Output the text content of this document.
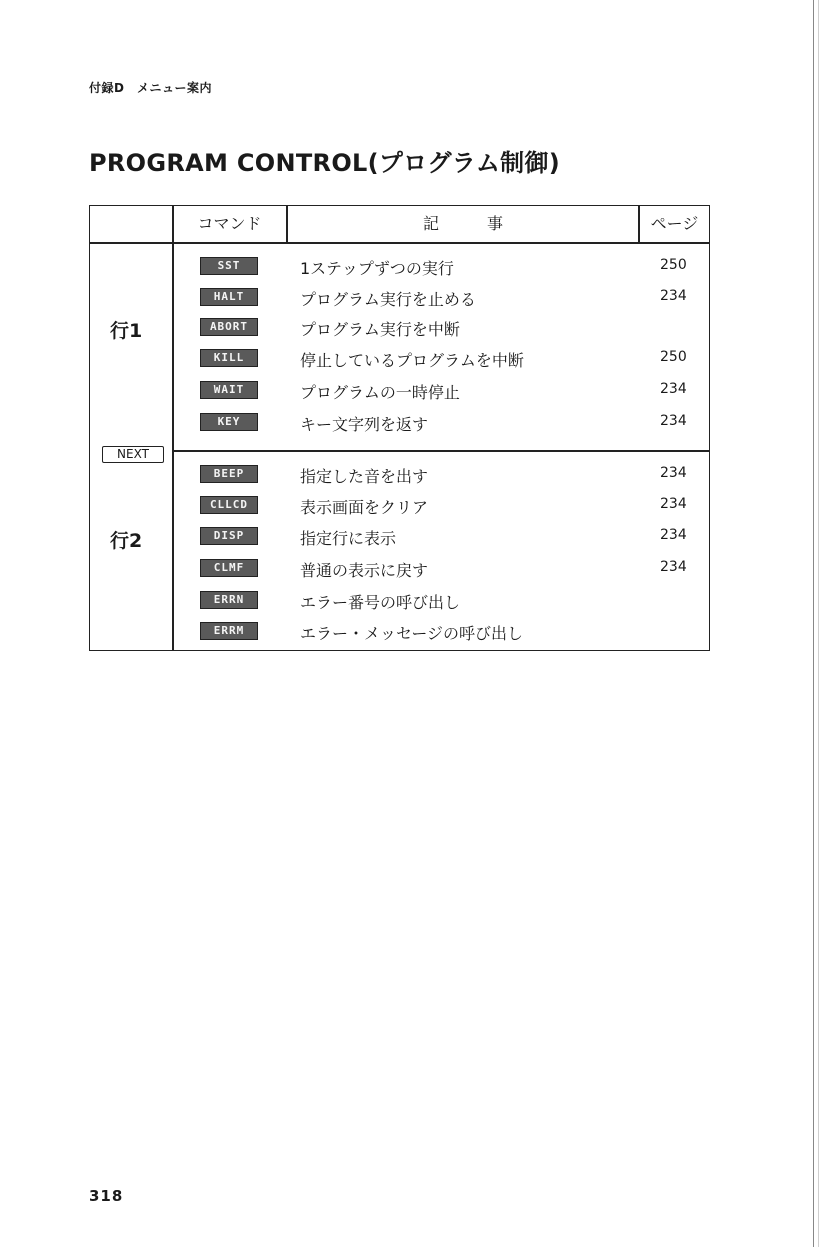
付録D　メニュー案内
PROGRAM CONTROL(プログラム制御)
コマンド	記　　　事	ページ
行1
NEXT
行2
SST	1ステップずつの実行	250
HALT	プログラム実行を止める	234
ABORT	プログラム実行を中断
KILL	停止しているプログラムを中断	250
WAIT	プログラムの一時停止	234
KEY	キー文字列を返す	234
BEEP	指定した音を出す	234
CLLCD	表示画面をクリア	234
DISP	指定行に表示	234
CLMF	普通の表示に戻す	234
ERRN	エラー番号の呼び出し
ERRM	エラー・メッセージの呼び出し
318
